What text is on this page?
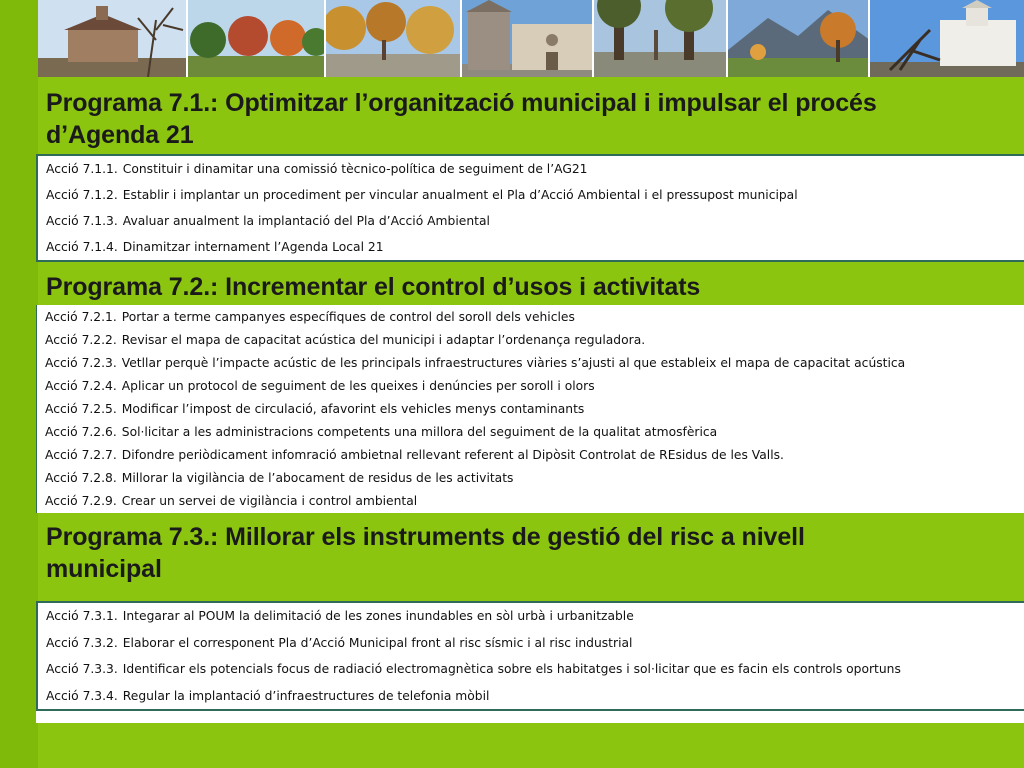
Programa 7.1.: Optimitzar l’organització municipal i impulsar el procés
d’Agenda 21
Acció 7.1.1. Constituir i dinamitar una comissió tècnico-política de seguiment de l’AG21
Acció 7.1.2. Establir i implantar un procediment per vincular anualment el Pla d’Acció Ambiental i el pressupost municipal
Acció 7.1.3. Avaluar anualment la implantació del Pla d’Acció Ambiental
Acció 7.1.4. Dinamitzar internament l’Agenda Local 21
Programa 7.2.: Incrementar el control d’usos i activitats
Acció 7.2.1. Portar a terme campanyes específiques de control del soroll dels vehicles
Acció 7.2.2. Revisar el mapa de capacitat acústica del municipi i adaptar l’ordenança reguladora.
Acció 7.2.3. Vetllar perquè l’impacte acústic de les principals infraestructures viàries s’ajusti al que estableix el mapa de capacitat acústica
Acció 7.2.4. Aplicar un protocol de seguiment de les queixes i denúncies per soroll i olors
Acció 7.2.5. Modificar l’impost de circulació, afavorint els vehicles menys contaminants
Acció 7.2.6. Sol·licitar a les administracions competents una millora del seguiment de la qualitat atmosfèrica
Acció 7.2.7. Difondre periòdicament infomració ambietnal rellevant referent al Dipòsit Controlat de REsidus de les Valls.
Acció 7.2.8. Millorar la vigilància de l’abocament de residus de les activitats
Acció 7.2.9. Crear un servei de vigilància i control ambiental
Programa 7.3.: Millorar els instruments de gestió del risc a nivell
municipal
Acció 7.3.1. Integarar al POUM la delimitació de les zones inundables en sòl urbà i urbanitzable
Acció 7.3.2. Elaborar el corresponent Pla d’Acció Municipal front al risc sísmic i al risc industrial
Acció 7.3.3. Identificar els potencials focus de radiació electromagnètica sobre els habitatges i sol·licitar que es facin els controls oportuns
Acció 7.3.4. Regular la implantació d’infraestructures de telefonia mòbil
